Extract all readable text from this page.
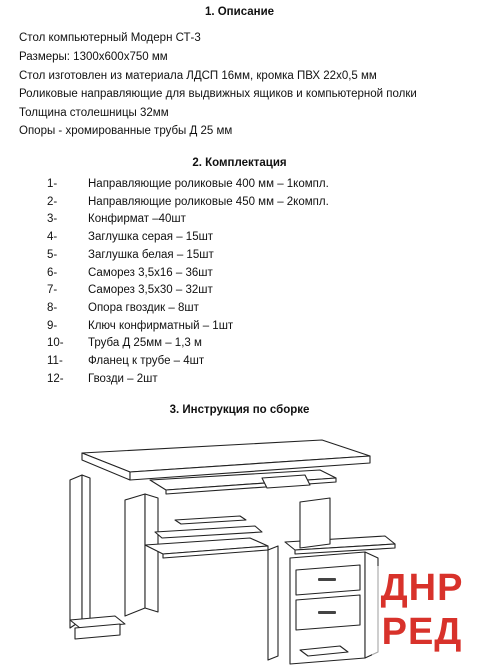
1. Описание
Стол компьютерный Модерн СТ-3
Размеры: 1300х600х750 мм
Стол изготовлен из материала ЛДСП 16мм, кромка ПВХ 22х0,5 мм
Роликовые направляющие для выдвижных ящиков и компьютерной полки
Толщина столешницы 32мм
Опоры - хромированные трубы Д 25 мм
2. Комплектация
1-	Направляющие роликовые 400 мм – 1компл.
2-	Направляющие роликовые 450 мм – 2компл.
3-	Конфирмат –40шт
4-	Заглушка серая – 15шт
5-	Заглушка белая – 15шт
6-	Саморез 3,5х16 – 36шт
7-	Саморез 3,5х30 – 32шт
8-	Опора гвоздик – 8шт
9-	Ключ конфирматный – 1шт
10- Труба Д 25мм – 1,3 м
11- Фланец к трубе – 4шт
12- Гвозди – 2шт
3. Инструкция по сборке
ДНР
РЕД
